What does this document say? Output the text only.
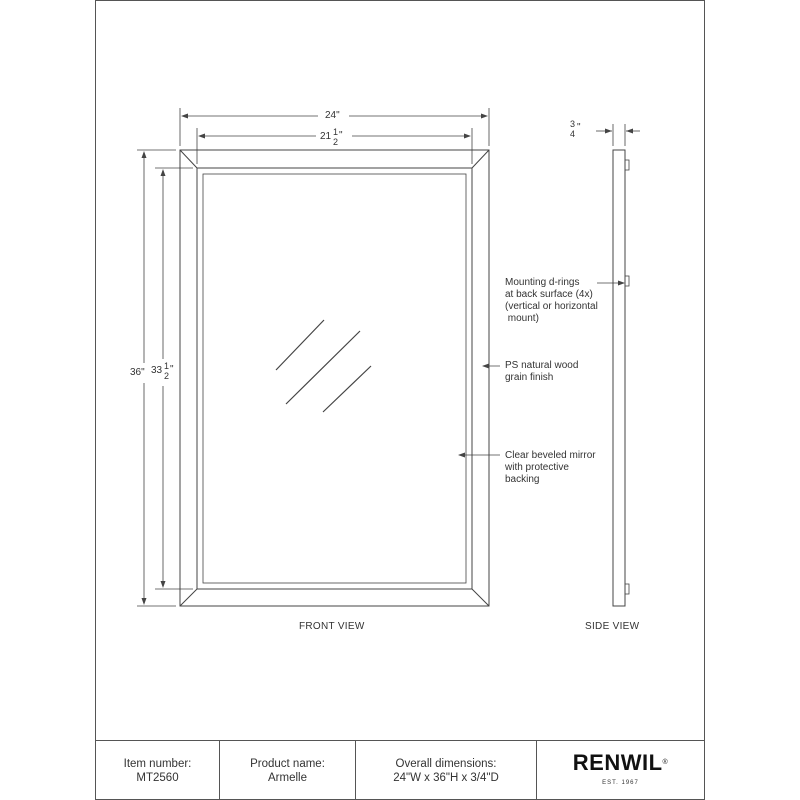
24"
21 1
2
"
36" 33 1
2
"
3
4
"
Mounting d-rings
at back surface (4x)
(vertical or horizontal
mount)
PS natural wood
grain finish
Clear beveled mirror
with protective
backing
FRONT VIEW	SIDE VIEW
Item number:
MT2560
Product name:
Armelle
Overall dimensions:
24"W x 36"H x 3/4"D
RENWIL®
EST. 1967
